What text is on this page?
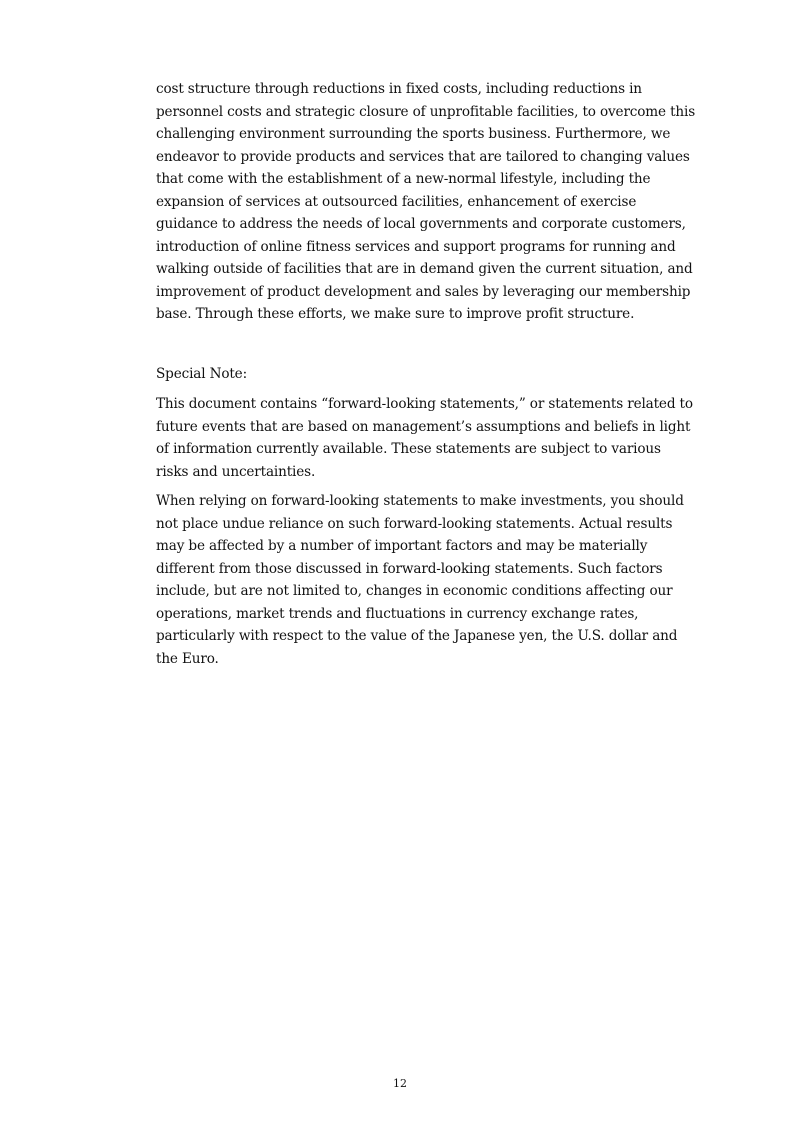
cost structure through reductions in fixed costs, including reductions in personnel costs and strategic closure of unprofitable facilities, to overcome this challenging environment surrounding the sports business. Furthermore, we endeavor to provide products and services that are tailored to changing values that come with the establishment of a new-normal lifestyle, including the expansion of services at outsourced facilities, enhancement of exercise guidance to address the needs of local governments and corporate customers, introduction of online fitness services and support programs for running and walking outside of facilities that are in demand given the current situation, and improvement of product development and sales by leveraging our membership base. Through these efforts, we make sure to improve profit structure.

Special Note:

This document contains “forward-looking statements,” or statements related to future events that are based on management’s assumptions and beliefs in light of information currently available. These statements are subject to various risks and uncertainties.

When relying on forward-looking statements to make investments, you should not place undue reliance on such forward-looking statements. Actual results may be affected by a number of important factors and may be materially different from those discussed in forward-looking statements. Such factors include, but are not limited to, changes in economic conditions affecting our operations, market trends and fluctuations in currency exchange rates, particularly with respect to the value of the Japanese yen, the U.S. dollar and the Euro.

12
